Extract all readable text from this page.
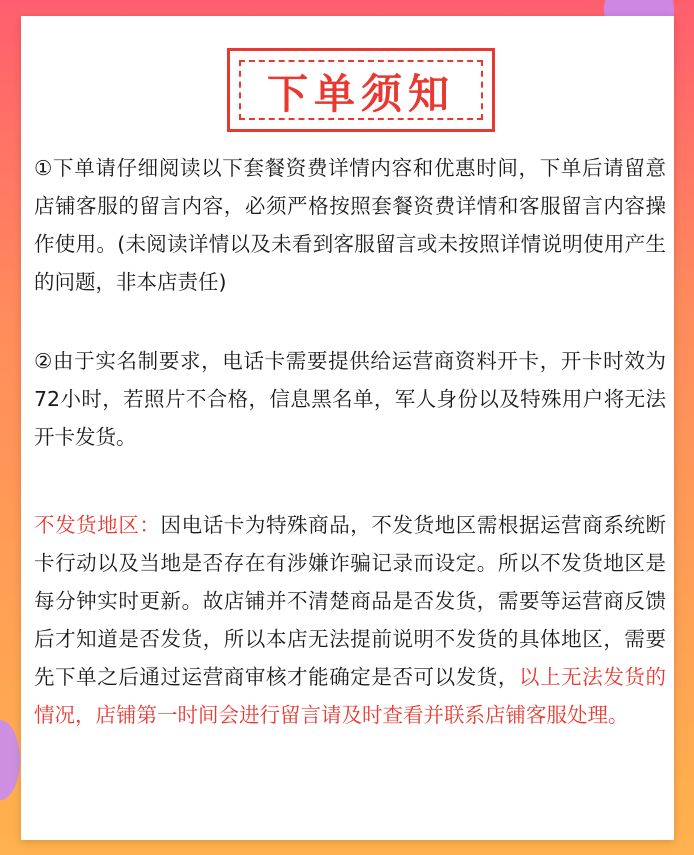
下单须知

①下单请仔细阅读以下套餐资费详情内容和优惠时间，下单后请留意店铺客服的留言内容，必须严格按照套餐资费详情和客服留言内容操作使用。(未阅读详情以及未看到客服留言或未按照详情说明使用产生的问题，非本店责任)

②由于实名制要求，电话卡需要提供给运营商资料开卡，开卡时效为72小时，若照片不合格，信息黑名单，军人身份以及特殊用户将无法开卡发货。

不发货地区：因电话卡为特殊商品，不发货地区需根据运营商系统断卡行动以及当地是否存在有涉嫌诈骗记录而设定。所以不发货地区是每分钟实时更新。故店铺并不清楚商品是否发货，需要等运营商反馈后才知道是否发货，所以本店无法提前说明不发货的具体地区，需要先下单之后通过运营商审核才能确定是否可以发货，以上无法发货的情况，店铺第一时间会进行留言请及时查看并联系店铺客服处理。
